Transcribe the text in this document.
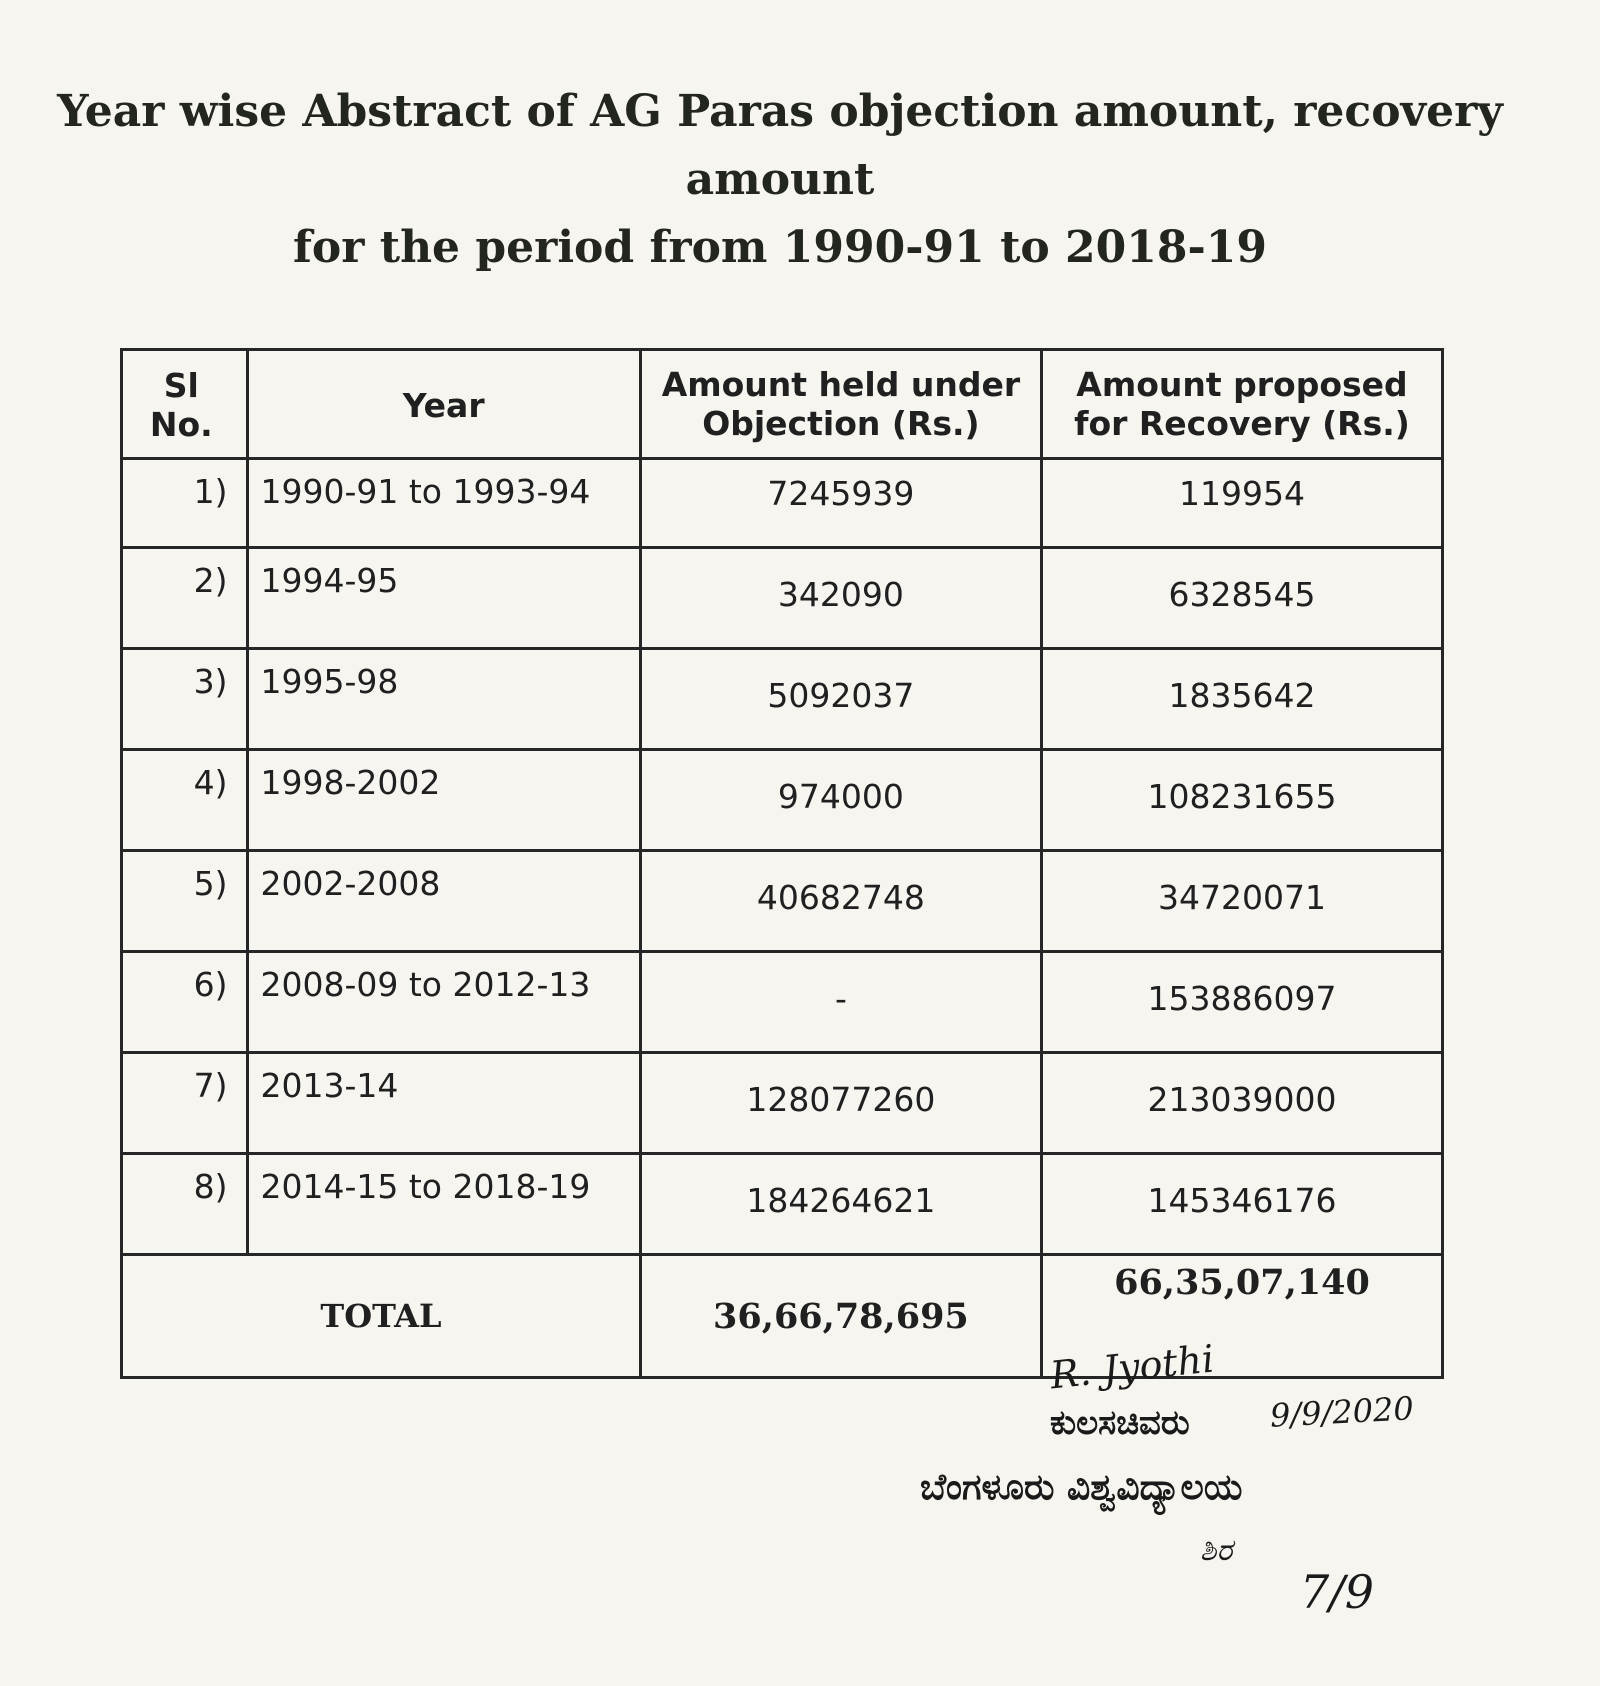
Year wise Abstract of AG Paras objection amount, recovery amount
for the period from 1990-91 to 2018-19
Sl No.	Year	Amount held under Objection (Rs.)	Amount proposed for Recovery (Rs.)
1)	1990-91 to 1993-94	7245939	119954
2)	1994-95	342090	6328545
3)	1995-98	5092037	1835642
4)	1998-2002	974000	108231655
5)	2002-2008	40682748	34720071
6)	2008-09 to 2012-13	-	153886097
7)	2013-14	128077260	213039000
8)	2014-15 to 2018-19	184264621	145346176
TOTAL		36,66,78,695	66,35,07,140
R. Jyothi
9/9/2020
ಕುಲಸಚಿವರು
ಬೆಂಗಳೂರು ವಿಶ್ವವಿದ್ಯಾಲಯ
ಶಿರ
7/9
